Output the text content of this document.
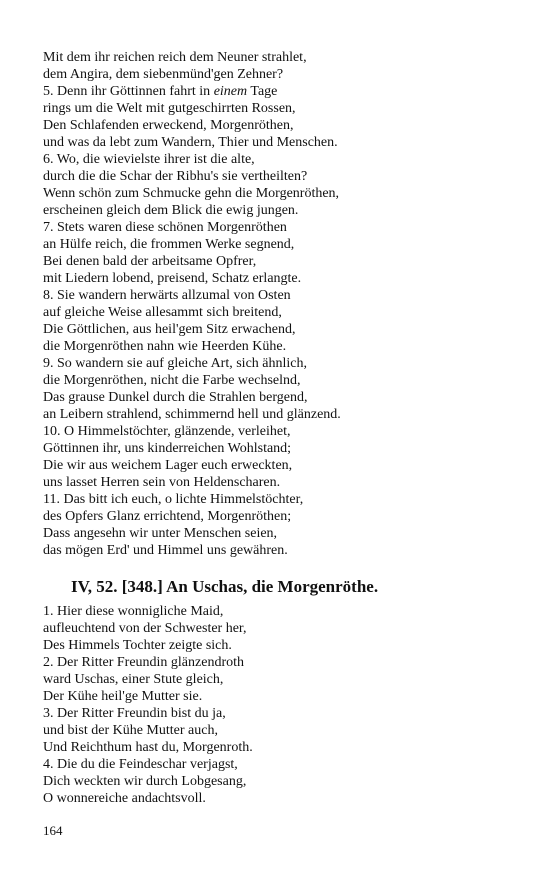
Mit dem ihr reichen reich dem Neuner strahlet,
dem Angira, dem siebenmünd'gen Zehner?
5. Denn ihr Göttinnen fahrt in einem Tage
rings um die Welt mit gutgeschirrten Rossen,
Den Schlafenden erweckend, Morgenröthen,
und was da lebt zum Wandern, Thier und Menschen.
6. Wo, die wievielste ihrer ist die alte,
durch die die Schar der Ribhu's sie vertheilten?
Wenn schön zum Schmucke gehn die Morgenröthen,
erscheinen gleich dem Blick die ewig jungen.
7. Stets waren diese schönen Morgenröthen
an Hülfe reich, die frommen Werke segnend,
Bei denen bald der arbeitsame Opfrer,
mit Liedern lobend, preisend, Schatz erlangte.
8. Sie wandern herwärts allzumal von Osten
auf gleiche Weise allesammt sich breitend,
Die Göttlichen, aus heil'gem Sitz erwachend,
die Morgenröthen nahn wie Heerden Kühe.
9. So wandern sie auf gleiche Art, sich ähnlich,
die Morgenröthen, nicht die Farbe wechselnd,
Das grause Dunkel durch die Strahlen bergend,
an Leibern strahlend, schimmernd hell und glänzend.
10. O Himmelstöchter, glänzende, verleihet,
Göttinnen ihr, uns kinderreichen Wohlstand;
Die wir aus weichem Lager euch erweckten,
uns lasset Herren sein von Heldenscharen.
11. Das bitt ich euch, o lichte Himmelstöchter,
des Opfers Glanz errichtend, Morgenröthen;
Dass angesehn wir unter Menschen seien,
das mögen Erd' und Himmel uns gewähren.
IV, 52. [348.] An Uschas, die Morgenröthe.
1. Hier diese wonnigliche Maid,
aufleuchtend von der Schwester her,
Des Himmels Tochter zeigte sich.
2. Der Ritter Freundin glänzendroth
ward Uschas, einer Stute gleich,
Der Kühe heil'ge Mutter sie.
3. Der Ritter Freundin bist du ja,
und bist der Kühe Mutter auch,
Und Reichthum hast du, Morgenroth.
4. Die du die Feindeschar verjagst,
Dich weckten wir durch Lobgesang,
O wonnereiche andachtsvoll.
164
